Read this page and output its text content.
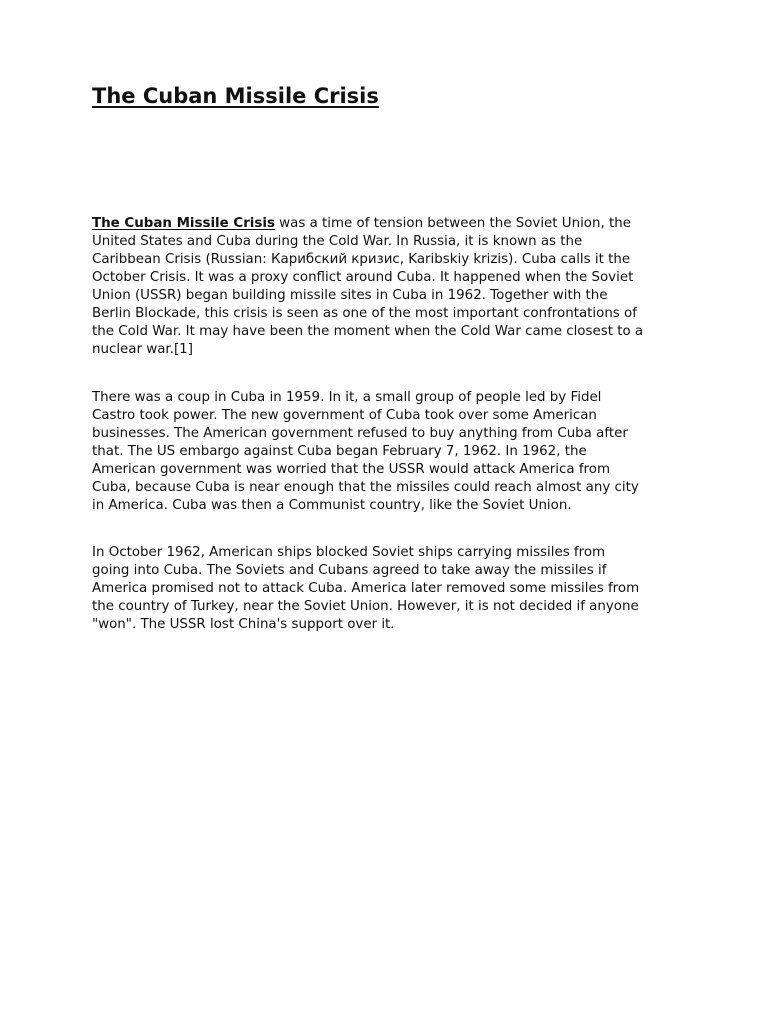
The Cuban Missile Crisis

The Cuban Missile Crisis was a time of tension between the Soviet Union, the
United States and Cuba during the Cold War. In Russia, it is known as the
Caribbean Crisis (Russian: Карибский кризис, Karibskiy krizis). Cuba calls it the
October Crisis. It was a proxy conflict around Cuba. It happened when the Soviet
Union (USSR) began building missile sites in Cuba in 1962. Together with the
Berlin Blockade, this crisis is seen as one of the most important confrontations of
the Cold War. It may have been the moment when the Cold War came closest to a
nuclear war.[1]

There was a coup in Cuba in 1959. In it, a small group of people led by Fidel
Castro took power. The new government of Cuba took over some American
businesses. The American government refused to buy anything from Cuba after
that. The US embargo against Cuba began February 7, 1962. In 1962, the
American government was worried that the USSR would attack America from
Cuba, because Cuba is near enough that the missiles could reach almost any city
in America. Cuba was then a Communist country, like the Soviet Union.

In October 1962, American ships blocked Soviet ships carrying missiles from
going into Cuba. The Soviets and Cubans agreed to take away the missiles if
America promised not to attack Cuba. America later removed some missiles from
the country of Turkey, near the Soviet Union. However, it is not decided if anyone
"won". The USSR lost China's support over it.
